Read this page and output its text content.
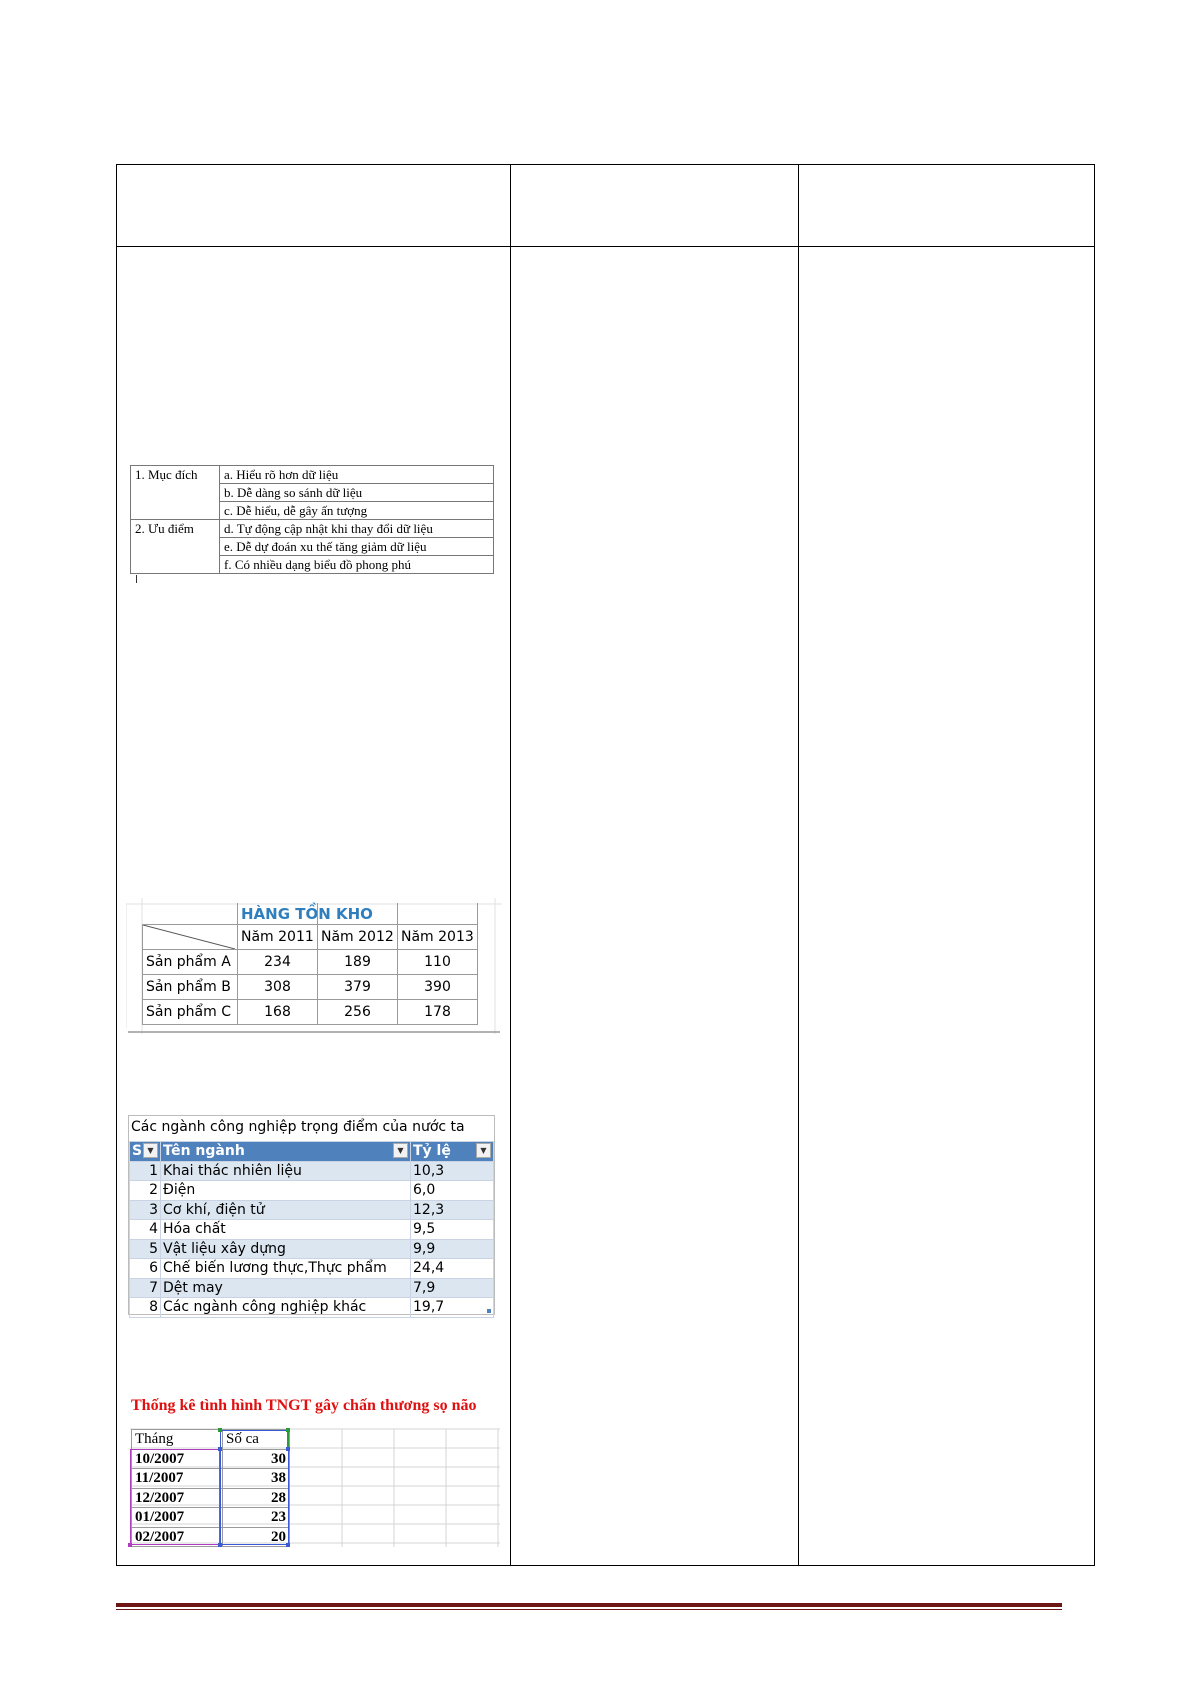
1. Mục đích	a. Hiểu rõ hơn dữ liệu
	b. Dễ dàng so sánh dữ liệu
	c. Dễ hiểu, dễ gây ấn tượng
2. Ưu điểm	d. Tự động cập nhật khi thay đổi dữ liệu
	e. Dễ dự đoán xu thế tăng giảm dữ liệu
	f. Có nhiều dạng biểu đồ phong phú
HÀNG TỒN KHO

	Năm 2011	Năm 2012	Năm 2013
Sản phẩm A	234	189	110
Sản phẩm B	308	379	390
Sản phẩm C	168	256	178
Các ngành công nghiệp trọng điểm của nước ta
S ▼	Tên ngành ▼	Tỷ lệ ▼

1	Khai thác nhiên liệu	10,3
2	Điện	6,0
3	Cơ khí, điện tử	12,3
4	Hóa chất	9,5
5	Vật liệu xây dựng	9,9
6	Chế biến lương thực,Thực phẩm	24,4
7	Dệt may	7,9
8	Các ngành công nghiệp khác	19,7
Thống kê tình hình TNGT gây chấn thương sọ não
Tháng	Số ca
10/2007	30
11/2007	38
12/2007	28
01/2007	23
02/2007	20
